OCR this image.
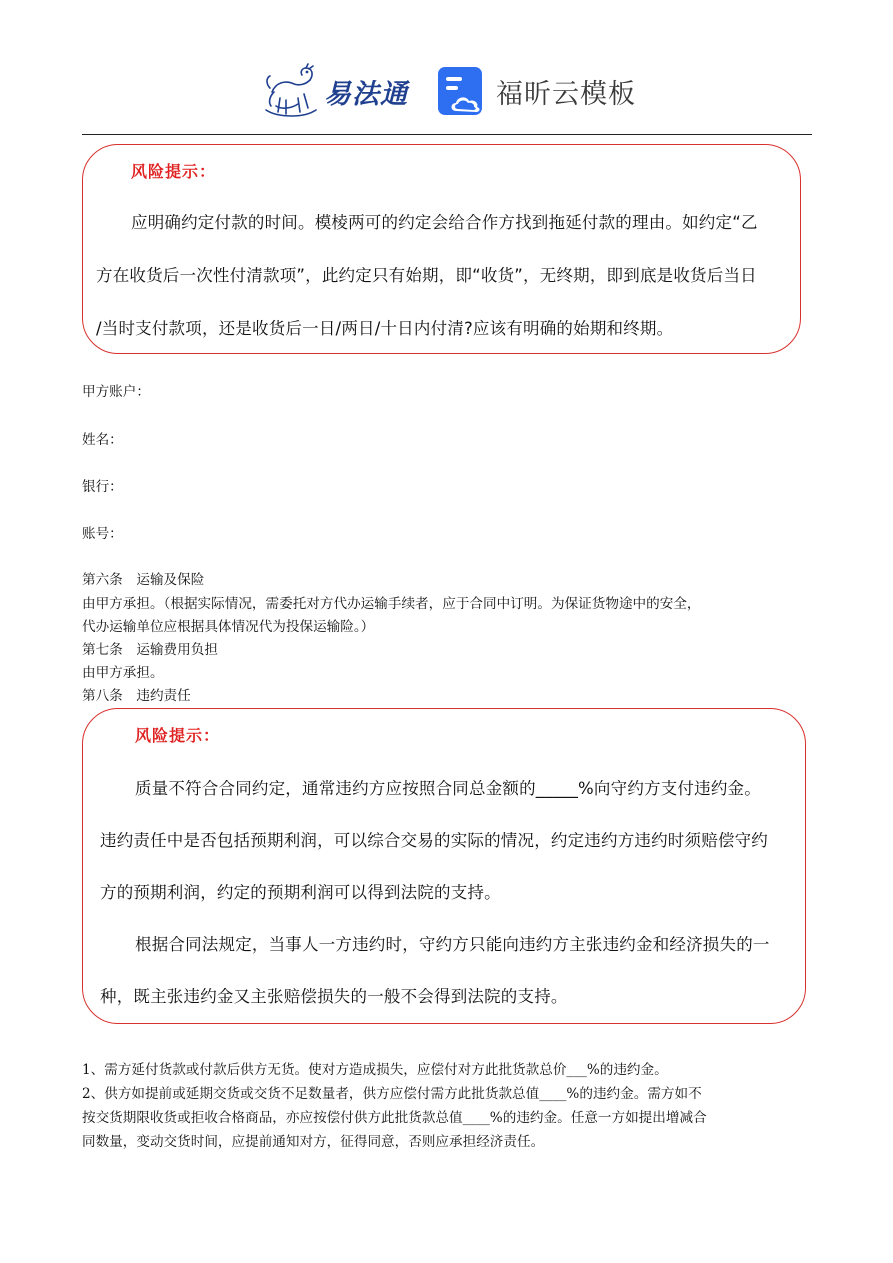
易法通	福昕云模板
风险提示：
应明确约定付款的时间。模棱两可的约定会给合作方找到拖延付款的理由。如约定“乙
方在收货后一次性付清款项”，此约定只有始期，即“收货”，无终期，即到底是收货后当日
/当时支付款项，还是收货后一日/两日/十日内付清?应该有明确的始期和终期。
甲方账户：
姓名：
银行：
账号：
第六条　运输及保险
由甲方承担。（根据实际情况，需委托对方代办运输手续者，应于合同中订明。为保证货物途中的安全，
代办运输单位应根据具体情况代为投保运输险。）
第七条　运输费用负担
由甲方承担。
第八条　违约责任
风险提示：
质量不符合合同约定，通常违约方应按照合同总金额的_____%向守约方支付违约金。
违约责任中是否包括预期利润，可以综合交易的实际的情况，约定违约方违约时须赔偿守约
方的预期利润，约定的预期利润可以得到法院的支持。
根据合同法规定，当事人一方违约时，守约方只能向违约方主张违约金和经济损失的一
种，既主张违约金又主张赔偿损失的一般不会得到法院的支持。
1、需方延付货款或付款后供方无货。使对方造成损失，应偿付对方此批货款总价___%的违约金。
2、供方如提前或延期交货或交货不足数量者，供方应偿付需方此批货款总值____%的违约金。需方如不
按交货期限收货或拒收合格商品，亦应按偿付供方此批货款总值____%的违约金。任意一方如提出增减合
同数量，变动交货时间，应提前通知对方，征得同意，否则应承担经济责任。
